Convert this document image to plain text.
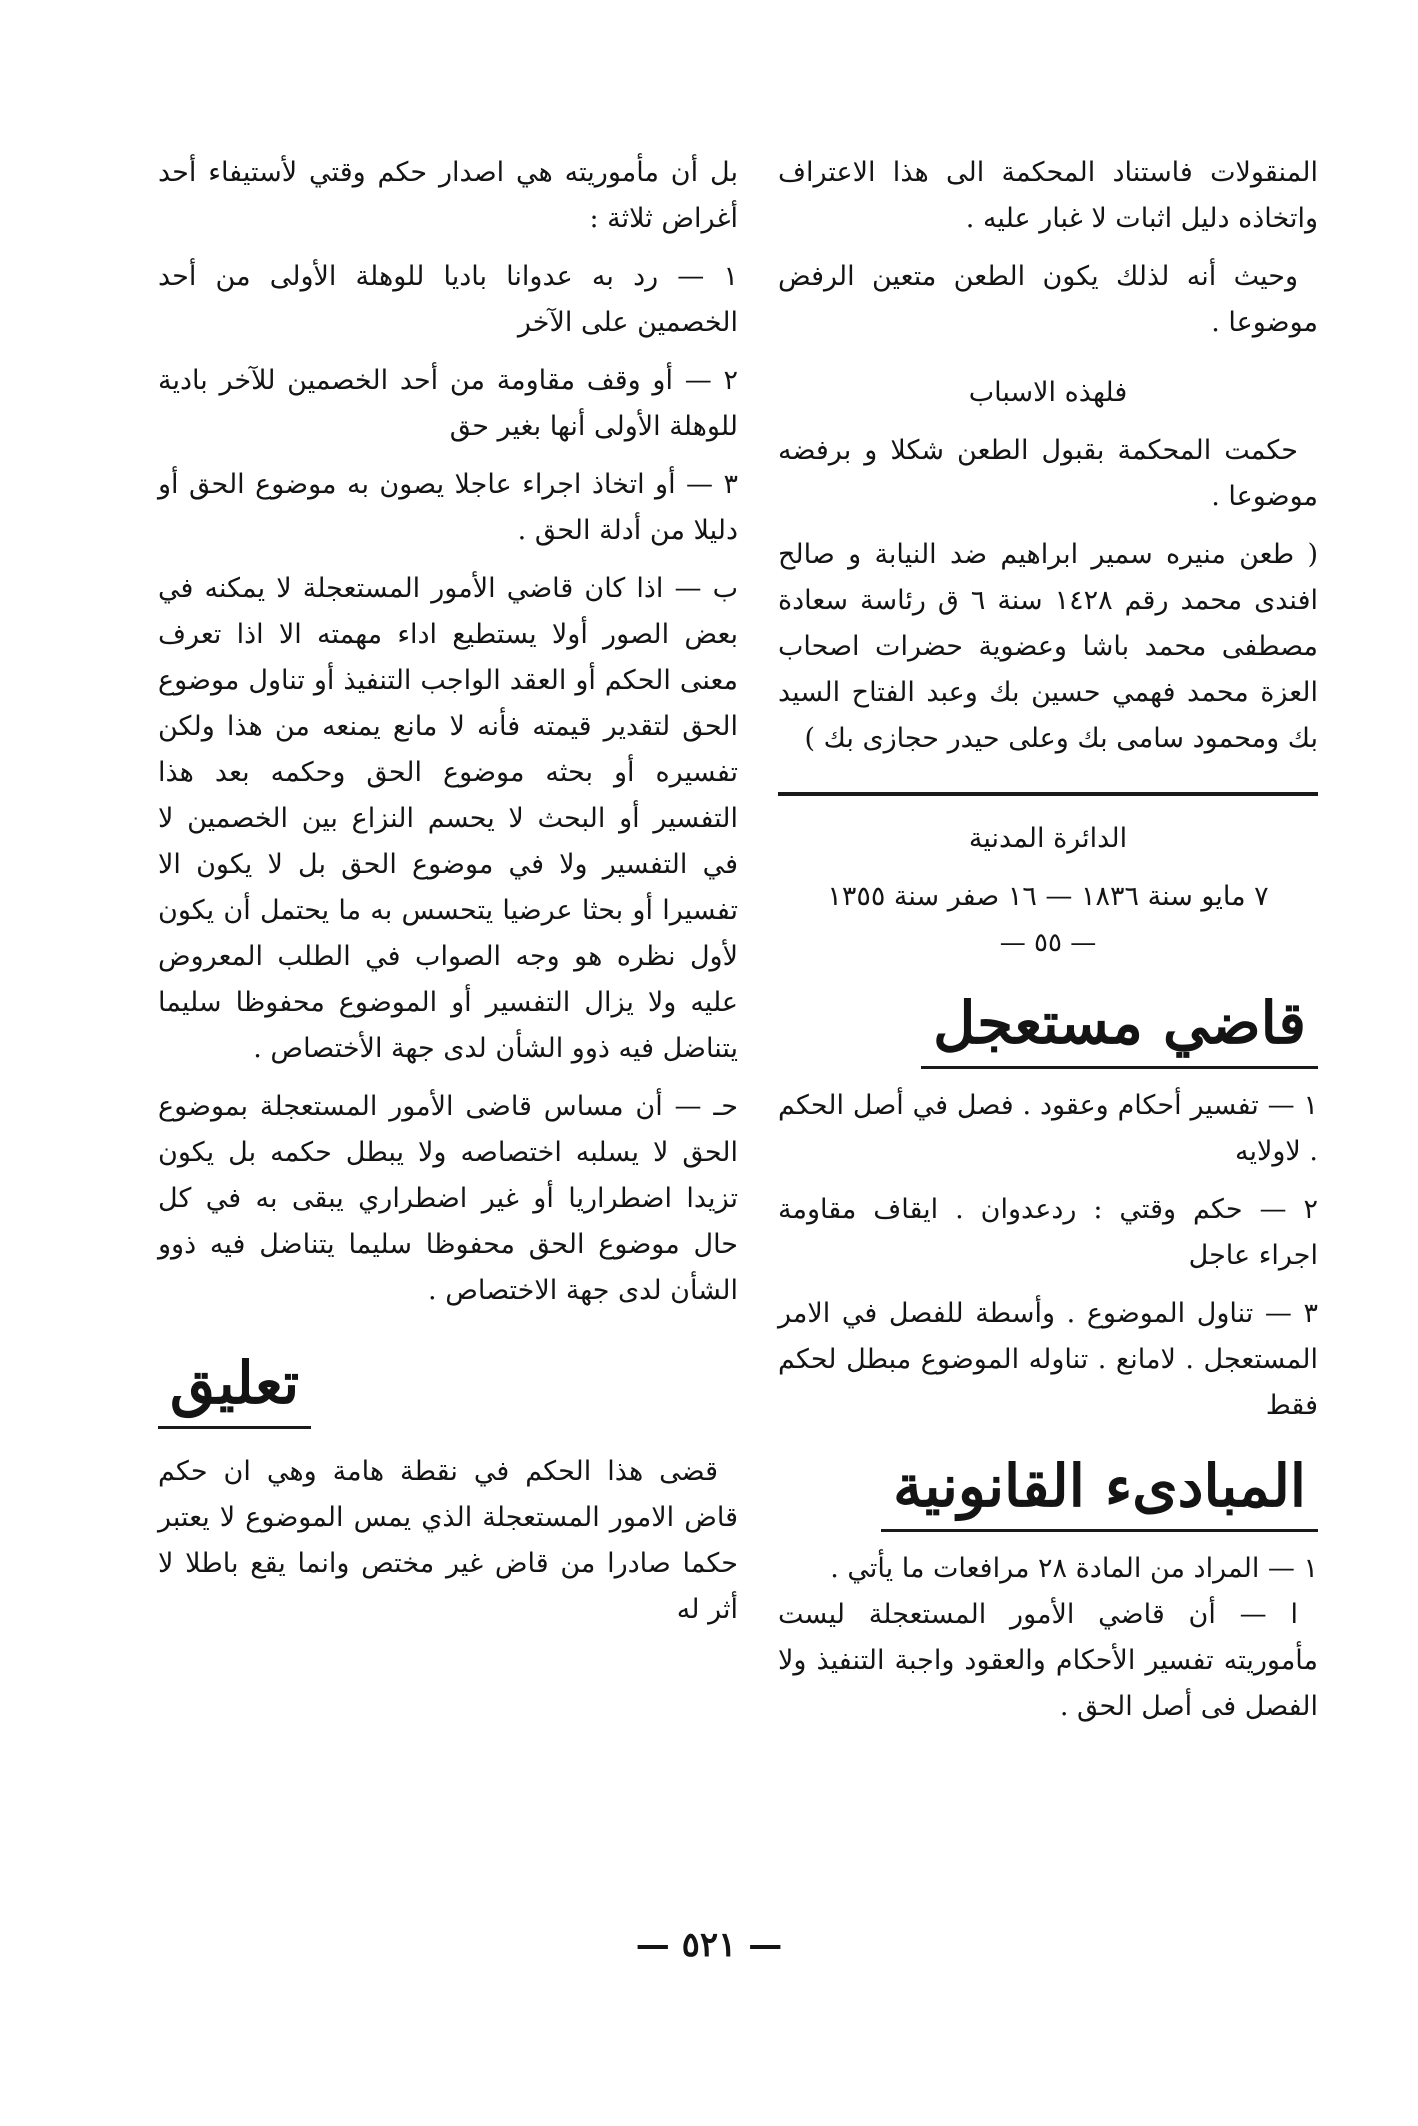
المنقولات فاستناد المحكمة الى هذا الاعتراف واتخاذه دليل اثبات لا غبار عليه .

وحيث أنه لذلك يكون الطعن متعين الرفض موضوعا .

فلهذه الاسباب

حكمت المحكمة بقبول الطعن شكلا و برفضه موضوعا .

( طعن منيره سمير ابراهيم ضد النيابة و صالح افندى محمد رقم ١٤٢٨ سنة ٦ ق رئاسة سعادة مصطفى محمد باشا وعضوية حضرات اصحاب العزة محمد فهمي حسين بك وعبد الفتاح السيد بك ومحمود سامى بك وعلى حيدر حجازى بك )

الدائرة المدنية

٧ مايو سنة ١٨٣٦ — ١٦ صفر سنة ١٣٥٥

— ٥٥ —

قاضي مستعجل

١ — تفسير أحكام وعقود . فصل في أصل الحكم . لاولايه

٢ — حكم وقتي : ردعدوان . ايقاف مقاومة اجراء عاجل

٣ — تناول الموضوع . وأسطة للفصل في الامر المستعجل . لامانع . تناوله الموضوع مبطل لحكم فقط

المبادىء القانونية

١ — المراد من المادة ٢٨ مرافعات ما يأتي .

ا — أن قاضي الأمور المستعجلة ليست مأموريته تفسير الأحكام والعقود واجبة التنفيذ ولا الفصل فى أصل الحق .

بل أن مأموريته هي اصدار حكم وقتي لأستيفاء أحد أغراض ثلاثة :

١ — رد به عدوانا باديا للوهلة الأولى من أحد الخصمين على الآخر

٢ — أو وقف مقاومة من أحد الخصمين للآخر بادية للوهلة الأولى أنها بغير حق

٣ — أو اتخاذ اجراء عاجلا يصون به موضوع الحق أو دليلا من أدلة الحق .

ب — اذا كان قاضي الأمور المستعجلة لا يمكنه في بعض الصور أولا يستطيع اداء مهمته الا اذا تعرف معنى الحكم أو العقد الواجب التنفيذ أو تناول موضوع الحق لتقدير قيمته فأنه لا مانع يمنعه من هذا ولكن تفسيره أو بحثه موضوع الحق وحكمه بعد هذا التفسير أو البحث لا يحسم النزاع بين الخصمين لا في التفسير ولا في موضوع الحق بل لا يكون الا تفسيرا أو بحثا عرضيا يتحسس به ما يحتمل أن يكون لأول نظره هو وجه الصواب في الطلب المعروض عليه ولا يزال التفسير أو الموضوع محفوظا سليما يتناضل فيه ذوو الشأن لدى جهة الأختصاص .

حـ — أن مساس قاضى الأمور المستعجلة بموضوع الحق لا يسلبه اختصاصه ولا يبطل حكمه بل يكون تزيدا اضطراريا أو غير اضطراري يبقى به في كل حال موضوع الحق محفوظا سليما يتناضل فيه ذوو الشأن لدى جهة الاختصاص .

تعليق

قضى هذا الحكم في نقطة هامة وهي ان حكم قاض الامور المستعجلة الذي يمس الموضوع لا يعتبر حكما صادرا من قاض غير مختص وانما يقع باطلا لا أثر له

— ٥٢١ —
